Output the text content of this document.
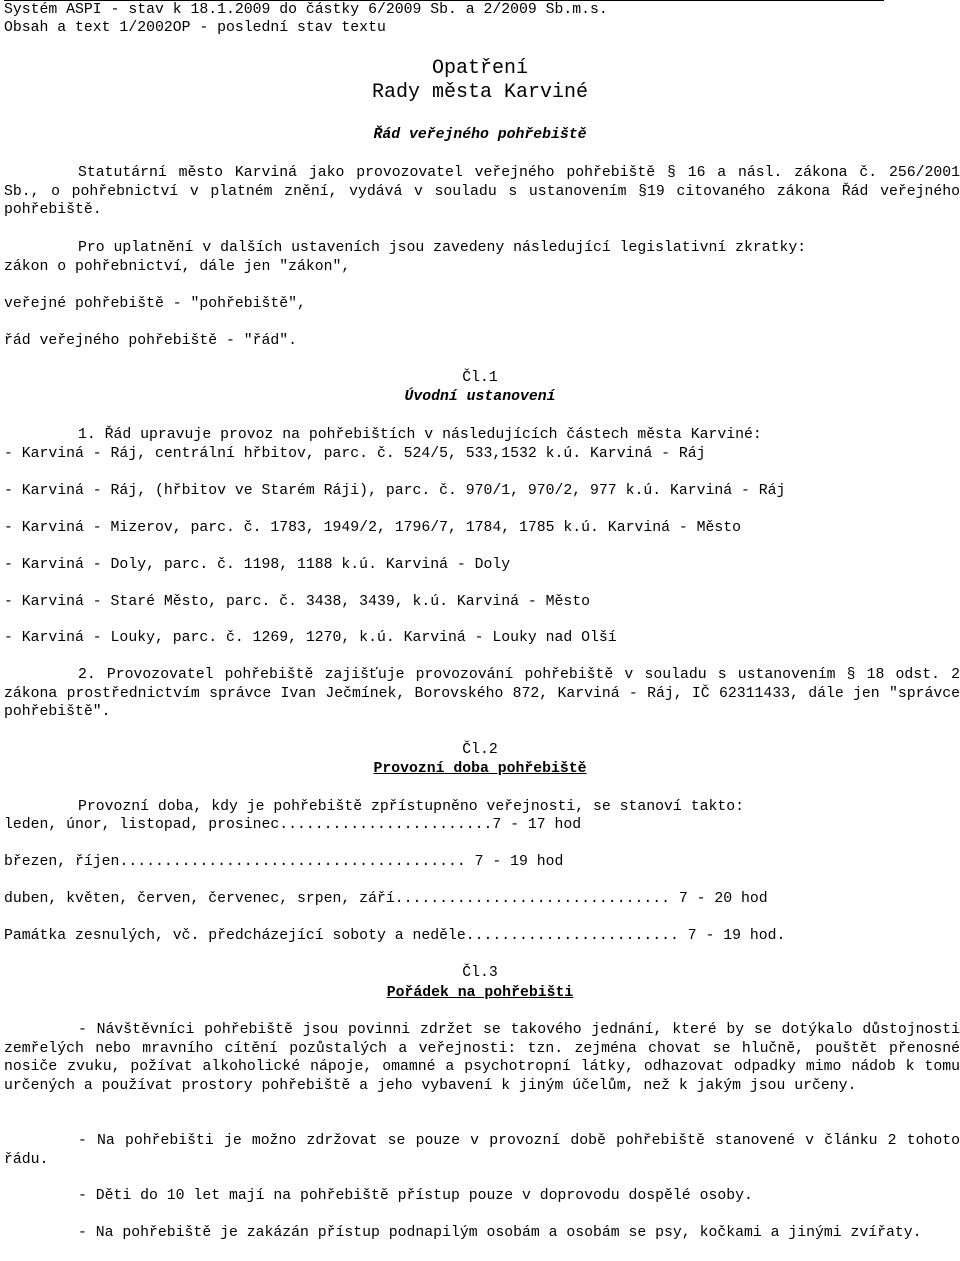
Systém ASPI - stav k 18.1.2009 do částky 6/2009 Sb. a 2/2009 Sb.m.s.
Obsah a text 1/2002OP - poslední stav textu
Opatření
Rady města Karviné
Řád veřejného pohřebiště

Statutární město Karviná jako provozovatel veřejného pohřebiště § 16 a násl. zákona č. 256/2001 Sb., o pohřebnictví v platném znění, vydává v souladu s ustanovením §19 citovaného zákona Řád veřejného pohřebiště.

Pro uplatnění v dalších ustaveních jsou zavedeny následující legislativní zkratky:
zákon o pohřebnictví, dále jen "zákon",
veřejné pohřebiště - "pohřebiště",
řád veřejného pohřebiště - "řád".
Čl.1
Úvodní ustanovení
1. Řád upravuje provoz na pohřebištích v následujících částech města Karviné:
- Karviná - Ráj, centrální hřbitov, parc. č. 524/5, 533,1532 k.ú. Karviná - Ráj
- Karviná - Ráj, (hřbitov ve Starém Ráji), parc. č. 970/1, 970/2, 977 k.ú. Karviná - Ráj
- Karviná - Mizerov, parc. č. 1783, 1949/2, 1796/7, 1784, 1785 k.ú. Karviná - Město
- Karviná - Doly, parc. č. 1198, 1188 k.ú. Karviná - Doly
- Karviná - Staré Město, parc. č. 3438, 3439, k.ú. Karviná - Město
- Karviná - Louky, parc. č. 1269, 1270, k.ú. Karviná - Louky nad Olší

2. Provozovatel pohřebiště zajišťuje provozování pohřebiště v souladu s ustanovením § 18 odst. 2 zákona prostřednictvím správce Ivan Ječmínek, Borovského 872, Karviná - Ráj, IČ 62311433, dále jen "správce pohřebiště".

Čl.2
Provozní doba pohřebiště
Provozní doba, kdy je pohřebiště zpřístupněno veřejnosti, se stanoví takto:
leden, únor, listopad, prosinec........................7 - 17 hod
březen, říjen....................................... 7 - 19 hod
duben, květen, červen, červenec, srpen, září............................... 7 - 20 hod
Památka zesnulých, vč. předcházející soboty a neděle........................ 7 - 19 hod.
Čl.3
Pořádek na pohřebišti

- Návštěvníci pohřebiště jsou povinni zdržet se takového jednání, které by se dotýkalo důstojnosti zemřelých nebo mravního cítění pozůstalých a veřejnosti: tzn. zejména chovat se hlučně, pouštět přenosné nosiče zvuku, požívat alkoholické nápoje, omamné a psychotropní látky, odhazovat odpadky mimo nádob k tomu určených a používat prostory pohřebiště a jeho vybavení k jiným účelům, než k jakým jsou určeny.

- Na pohřebišti je možno zdržovat se pouze v provozní době pohřebiště stanovené v článku 2 tohoto řádu.

- Děti do 10 let mají na pohřebiště přístup pouze v doprovodu dospělé osoby.

- Na pohřebiště je zakázán přístup podnapilým osobám a osobám se psy, kočkami a jinými zvířaty.
